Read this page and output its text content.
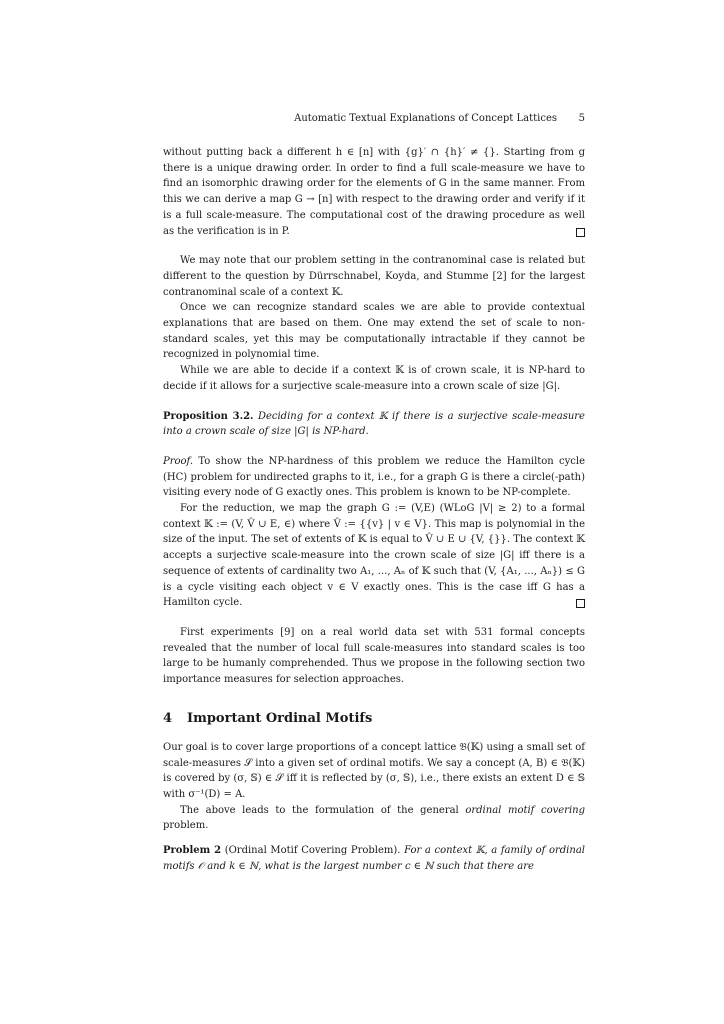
Automatic Textual Explanations of Concept Lattices 5

without putting back a different h ∈ [n] with {g}′ ∩ {h}′ ≠ {}. Starting from g there is a unique drawing order. In order to find a full scale-measure we have to find an isomorphic drawing order for the elements of G in the same manner. From this we can derive a map G → [n] with respect to the drawing order and verify if it is a full scale-measure. The computational cost of the drawing procedure as well as the verification is in P.

We may note that our problem setting in the contranominal case is related but different to the question by Dürrschnabel, Koyda, and Stumme [2] for the largest contranominal scale of a context 𝕂.

Once we can recognize standard scales we are able to provide contextual explanations that are based on them. One may extend the set of scale to non-standard scales, yet this may be computationally intractable if they cannot be recognized in polynomial time.

While we are able to decide if a context 𝕂 is of crown scale, it is NP-hard to decide if it allows for a surjective scale-measure into a crown scale of size |G|.

Proposition 3.2. Deciding for a context 𝕂 if there is a surjective scale-measure into a crown scale of size |G| is NP-hard.

Proof. To show the NP-hardness of this problem we reduce the Hamilton cycle (HC) problem for undirected graphs to it, i.e., for a graph G is there a circle(-path) visiting every node of G exactly ones. This problem is known to be NP-complete.

For the reduction, we map the graph G := (V,E) (WLoG |V| ≥ 2) to a formal context 𝕂 := (V, V̂ ∪ E, ∈) where V̂ := {{v} | v ∈ V}. This map is polynomial in the size of the input. The set of extents of 𝕂 is equal to V̂ ∪ E ∪ {V, {}}. The context 𝕂 accepts a surjective scale-measure into the crown scale of size |G| iff there is a sequence of extents of cardinality two A₁, ..., Aₙ of 𝕂 such that (V, {A₁, ..., Aₙ}) ≤ G is a cycle visiting each object v ∈ V exactly ones. This is the case iff G has a Hamilton cycle.

First experiments [9] on a real world data set with 531 formal concepts revealed that the number of local full scale-measures into standard scales is too large to be humanly comprehended. Thus we propose in the following section two importance measures for selection approaches.

4 Important Ordinal Motifs

Our goal is to cover large proportions of a concept lattice 𝔅(𝕂) using a small set of scale-measures 𝒮 into a given set of ordinal motifs. We say a concept (A, B) ∈ 𝔅(𝕂) is covered by (σ, 𝕊) ∈ 𝒮 iff it is reflected by (σ, 𝕊), i.e., there exists an extent D ∈ 𝕊 with σ⁻¹(D) = A.

The above leads to the formulation of the general ordinal motif covering problem.

Problem 2 (Ordinal Motif Covering Problem). For a context 𝕂, a family of ordinal motifs 𝒪 and k ∈ ℕ, what is the largest number c ∈ ℕ such that there are
